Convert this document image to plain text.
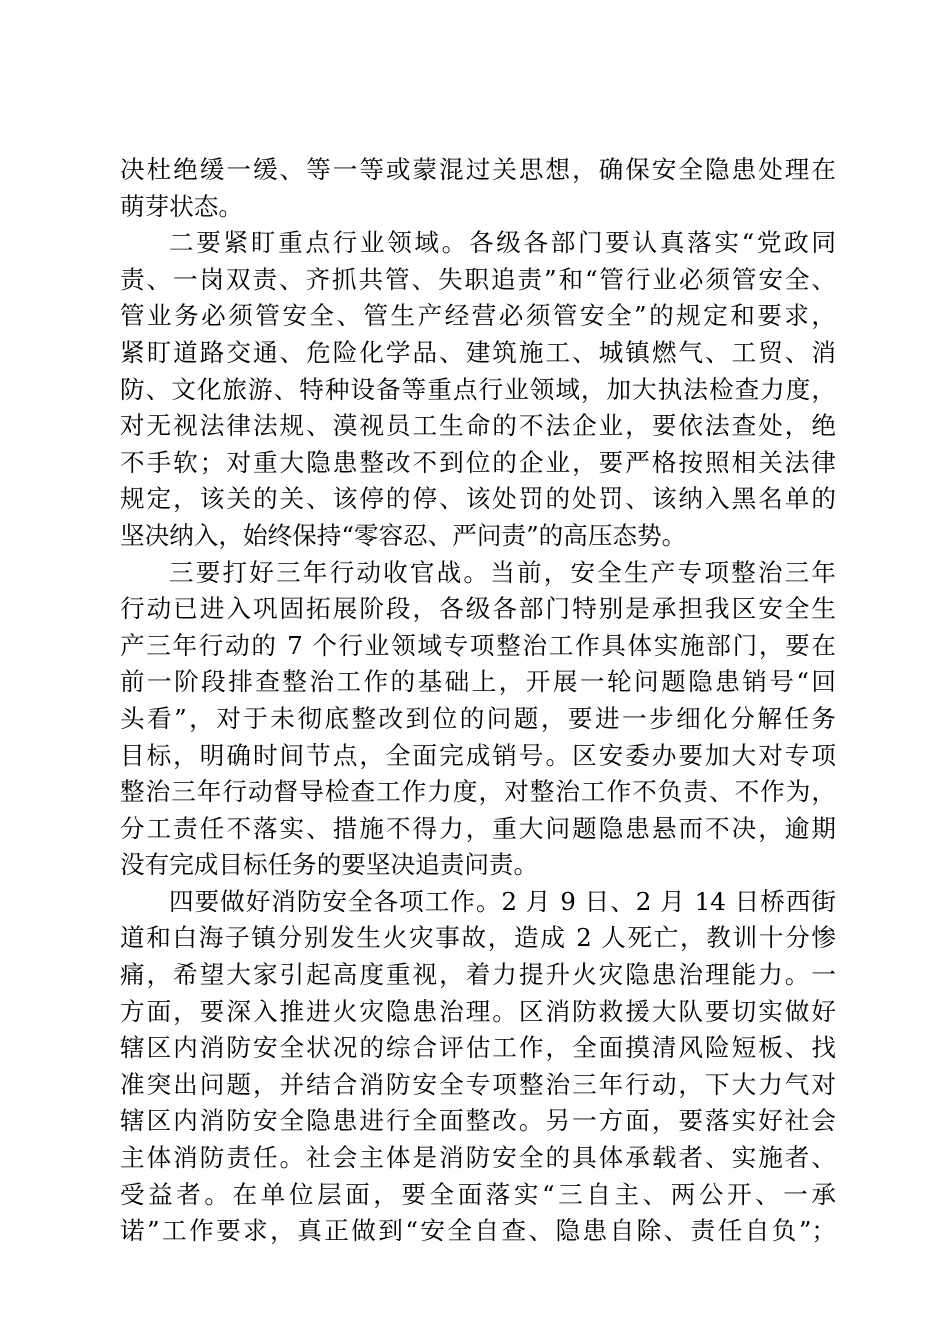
决杜绝缓一缓、等一等或蒙混过关思想，确保安全隐患处理在
萌芽状态。
二要紧盯重点行业领域。各级各部门要认真落实“党政同
责、一岗双责、齐抓共管、失职追责”和“管行业必须管安全、
管业务必须管安全、管生产经营必须管安全”的规定和要求，
紧盯道路交通、危险化学品、建筑施工、城镇燃气、工贸、消
防、文化旅游、特种设备等重点行业领域，加大执法检查力度，
对无视法律法规、漠视员工生命的不法企业，要依法查处，绝
不手软；对重大隐患整改不到位的企业，要严格按照相关法律
规定，该关的关、该停的停、该处罚的处罚、该纳入黑名单的
坚决纳入，始终保持“零容忍、严问责”的高压态势。
三要打好三年行动收官战。当前，安全生产专项整治三年
行动已进入巩固拓展阶段，各级各部门特别是承担我区安全生
产三年行动的 7 个行业领域专项整治工作具体实施部门，要在
前一阶段排查整治工作的基础上，开展一轮问题隐患销号“回
头看”，对于未彻底整改到位的问题，要进一步细化分解任务
目标，明确时间节点，全面完成销号。区安委办要加大对专项
整治三年行动督导检查工作力度，对整治工作不负责、不作为，
分工责任不落实、措施不得力，重大问题隐患悬而不决，逾期
没有完成目标任务的要坚决追责问责。
四要做好消防安全各项工作。2 月 9 日、2 月 14 日桥西街
道和白海子镇分别发生火灾事故，造成 2 人死亡，教训十分惨
痛，希望大家引起高度重视，着力提升火灾隐患治理能力。一
方面，要深入推进火灾隐患治理。区消防救援大队要切实做好
辖区内消防安全状况的综合评估工作，全面摸清风险短板、找
准突出问题，并结合消防安全专项整治三年行动，下大力气对
辖区内消防安全隐患进行全面整改。另一方面，要落实好社会
主体消防责任。社会主体是消防安全的具体承载者、实施者、
受益者。在单位层面，要全面落实“三自主、两公开、一承
诺”工作要求，真正做到“安全自查、隐患自除、责任自负”；
